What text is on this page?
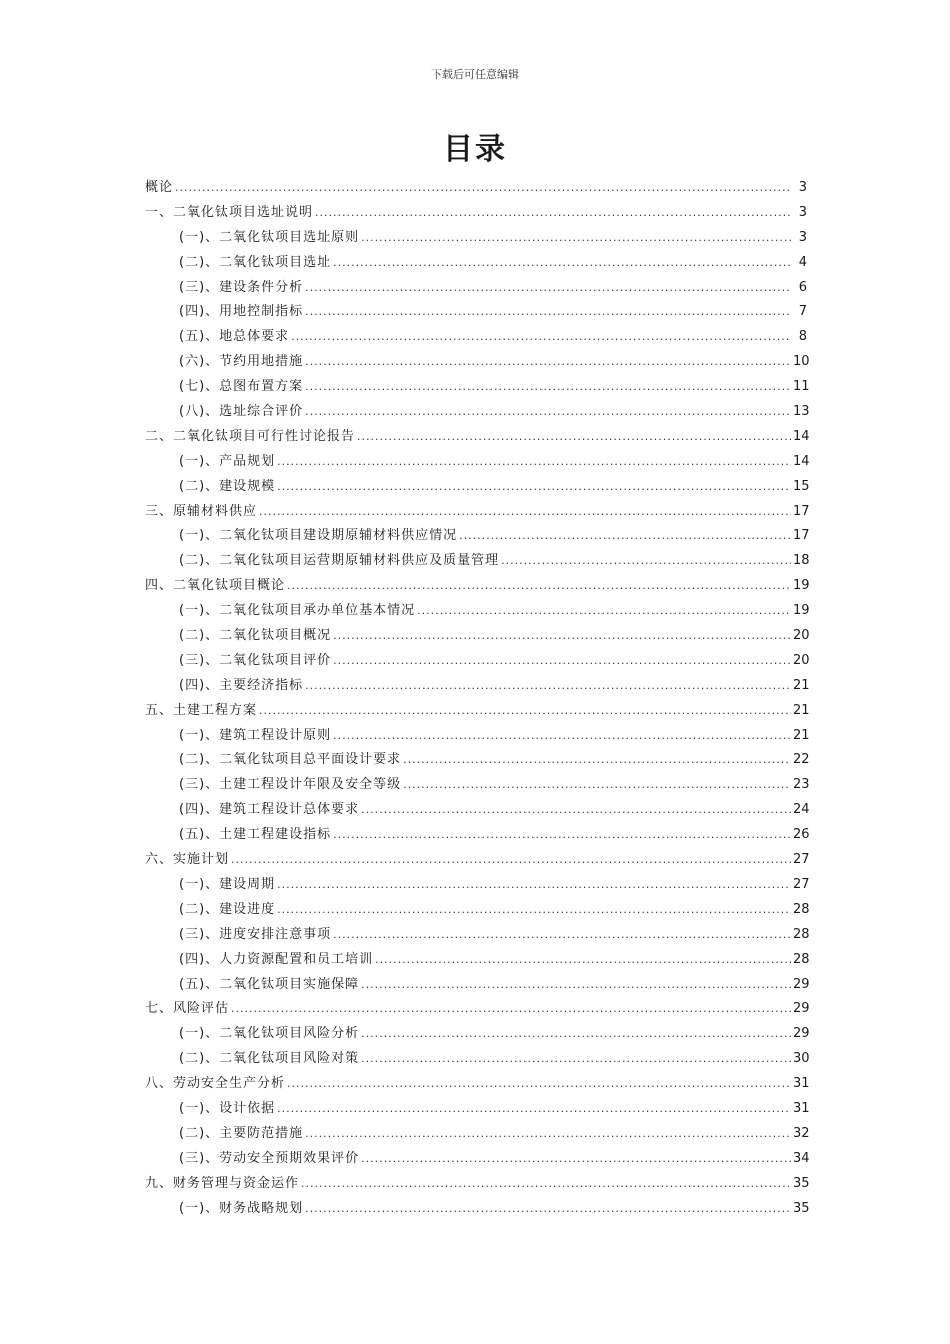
下载后可任意编辑
目录
概论 .....	3
一、二氧化钛项目选址说明 .....	3
(一)、二氧化钛项目选址原则 .....	3
(二)、二氧化钛项目选址 .....	4
(三)、建设条件分析 .....	6
(四)、用地控制指标 .....	7
(五)、地总体要求 .....	8
(六)、节约用地措施 .....	10
(七)、总图布置方案 .....	11
(八)、选址综合评价 .....	13
二、二氧化钛项目可行性讨论报告 .....	14
(一)、产品规划 .....	14
(二)、建设规模 .....	15
三、原辅材料供应 .....	17
(一)、二氧化钛项目建设期原辅材料供应情况 .....	17
(二)、二氧化钛项目运营期原辅材料供应及质量管理 .....	18
四、二氧化钛项目概论 .....	19
(一)、二氧化钛项目承办单位基本情况 .....	19
(二)、二氧化钛项目概况 .....	20
(三)、二氧化钛项目评价 .....	20
(四)、主要经济指标 .....	21
五、土建工程方案 .....	21
(一)、建筑工程设计原则 .....	21
(二)、二氧化钛项目总平面设计要求 .....	22
(三)、土建工程设计年限及安全等级 .....	23
(四)、建筑工程设计总体要求 .....	24
(五)、土建工程建设指标 .....	26
六、实施计划 .....	27
(一)、建设周期 .....	27
(二)、建设进度 .....	28
(三)、进度安排注意事项 .....	28
(四)、人力资源配置和员工培训 .....	28
(五)、二氧化钛项目实施保障 .....	29
七、风险评估 .....	29
(一)、二氧化钛项目风险分析 .....	29
(二)、二氧化钛项目风险对策 .....	30
八、劳动安全生产分析 .....	31
(一)、设计依据 .....	31
(二)、主要防范措施 .....	32
(三)、劳动安全预期效果评价 .....	34
九、财务管理与资金运作 .....	35
(一)、财务战略规划 .....	35
